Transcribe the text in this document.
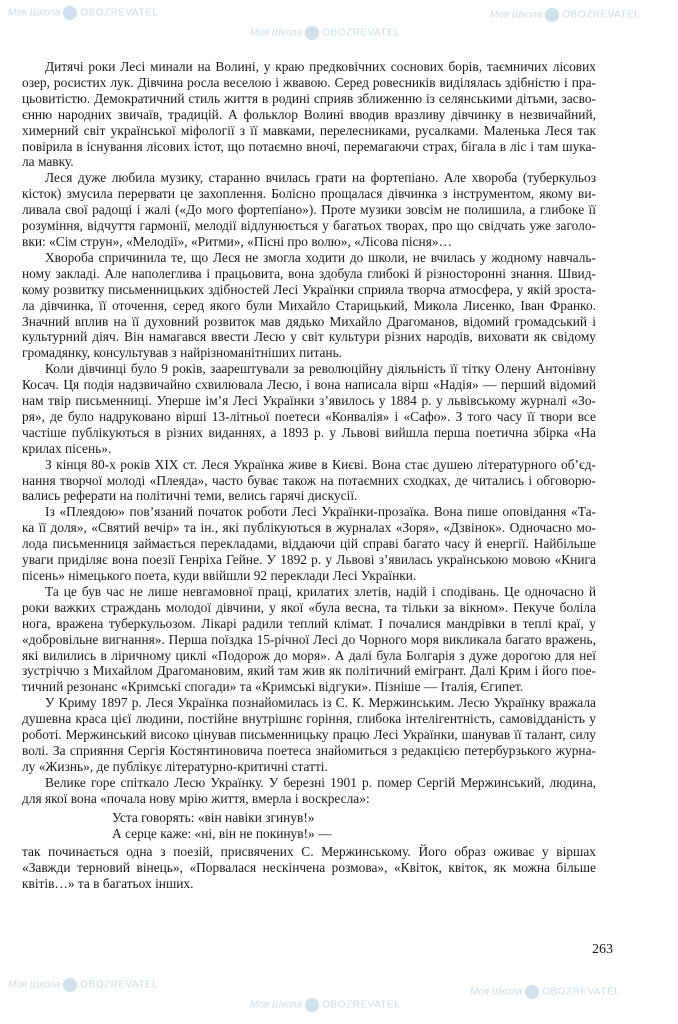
Дитячі роки Лесі минали на Волині, у краю предковічних соснових борів, таємничих лісових
озер, росистих лук. Дівчина росла веселою і жвавою. Серед ровесників виділялась здібністю і пра-
цьовитістю. Демократичний стиль життя в родині сприяв зближенню із селянськими дітьми, засво-
єнню народних звичаїв, традицій. А фольклор Волині вводив вразливу дівчинку в незвичайний,
химерний світ української міфології з її мавками, перелесниками, русалками. Маленька Леся так
повірила в існування лісових істот, що потаємно вночі, перемагаючи страх, бігала в ліс і там шука-
ла мавку.
Леся дуже любила музику, старанно вчилась грати на фортепіано. Але хвороба (туберкульоз
кісток) змусила перервати це захоплення. Болісно прощалася дівчинка з інструментом, якому ви-
ливала свої радощі і жалі («До мого фортепіано»). Проте музики зовсім не полишила, а глибоке її
розуміння, відчуття гармонії, мелодії відлунюється у багатьох творах, про що свідчать уже заголо-
вки: «Сім струн», «Мелодії», «Ритми», «Пісні про волю», «Лісова пісня»…
Хвороба спричинила те, що Леся не змогла ходити до школи, не вчилась у жодному навчаль-
ному закладі. Але наполеглива і працьовита, вона здобула глибокі й різносторонні знання. Швид-
кому розвитку письменницьких здібностей Лесі Українки сприяла творча атмосфера, у якій зроста-
ла дівчинка, її оточення, серед якого були Михайло Старицький, Микола Лисенко, Іван Франко.
Значний вплив на її духовний розвиток мав дядько Михайло Драгоманов, відомий громадський і
культурний діяч. Він намагався ввести Лесю у світ культури різних народів, виховати як свідому
громадянку, консультував з найрізноманітніших питань.
Коли дівчинці було 9 років, заарештували за революційну діяльність її тітку Олену Антонівну
Косач. Ця подія надзвичайно схвилювала Лесю, і вона написала вірш «Надія» — перший відомий
нам твір письменниці. Уперше ім’я Лесі Українки з’явилось у 1884 р. у львівському журналі «Зо-
ря», де було надруковано вірші 13-літньої поетеси «Конвалія» і «Сафо». З того часу її твори все
частіше публікуються в різних виданнях, а 1893 р. у Львові вийшла перша поетична збірка «На
крилах пісень».
З кінця 80-х років XIX ст. Леся Українка живе в Києві. Вона стає душею літературного об’єд-
нання творчої молоді «Плеяда», часто буває також на потаємних сходках, де читались і обговорю-
вались реферати на політичні теми, велись гарячі дискусії.
Із «Плеядою» пов’язаний початок роботи Лесі Українки-прозаїка. Вона пише оповідання «Та-
ка її доля», «Святий вечір» та ін., які публікуються в журналах «Зоря», «Дзвінок». Одночасно мо-
лода письменниця займається перекладами, віддаючи цій справі багато часу й енергії. Найбільше
уваги приділяє вона поезії Генріха Гейне. У 1892 р. у Львові з’явилась українською мовою «Книга
пісень» німецького поета, куди ввійшли 92 переклади Лесі Українки.
Та це був час не лише невгамовної праці, крилатих злетів, надій і сподівань. Це одночасно й
роки важких страждань молодої дівчини, у якої «була весна, та тільки за вікном». Пекуче боліла
нога, вражена туберкульозом. Лікарі радили теплий клімат. І почалися мандрівки в теплі краї, у
«добровільне вигнання». Перша поїздка 15-річної Лесі до Чорного моря викликала багато вражень,
які вилились в ліричному циклі «Подорож до моря». А далі була Болгарія з дуже дорогою для неї
зустріччю з Михайлом Драгомановим, який там жив як політичний емігрант. Далі Крим і його пое-
тичний резонанс «Кримські спогади» та «Кримські відгуки». Пізніше — Італія, Єгипет.
У Криму 1897 р. Леся Українка познайомилась із С. К. Мержинським. Лесю Українку вражала
душевна краса цієї людини, постійне внутрішнє горіння, глибока інтелігентність, самовідданість у
роботі. Мержинський високо цінував письменницьку працю Лесі Українки, шанував її талант, силу
волі. За сприяння Сергія Костянтиновича поетеса знайомиться з редакцією петербурзького журна-
лу «Жизнь», де публікує літературно-критичні статті.
Велике горе спіткало Лесю Українку. У березні 1901 р. помер Сергій Мержинський, людина,
для якої вона «почала нову мрію життя, вмерла і воскресла»:
Уста говорять: «він навіки згинув!»
А серце каже: «ні, він не покинув!» —
так починається одна з поезій, присвячених С. Мержинському. Його образ оживає у віршах
«Завжди терновий вінець», «Порвалася нескінчена розмова», «Квіток, квіток, як можна більше
квітів…» та в багатьох інших.
263
Моя Школа OBOZREVATEL
Моя Школа OBOZREVATEL
Моя Школа OBOZREVATEL
Моя Школа OBOZREVATEL
Моя Школа OBOZREVATEL
Моя Школа OBOZREVATEL
